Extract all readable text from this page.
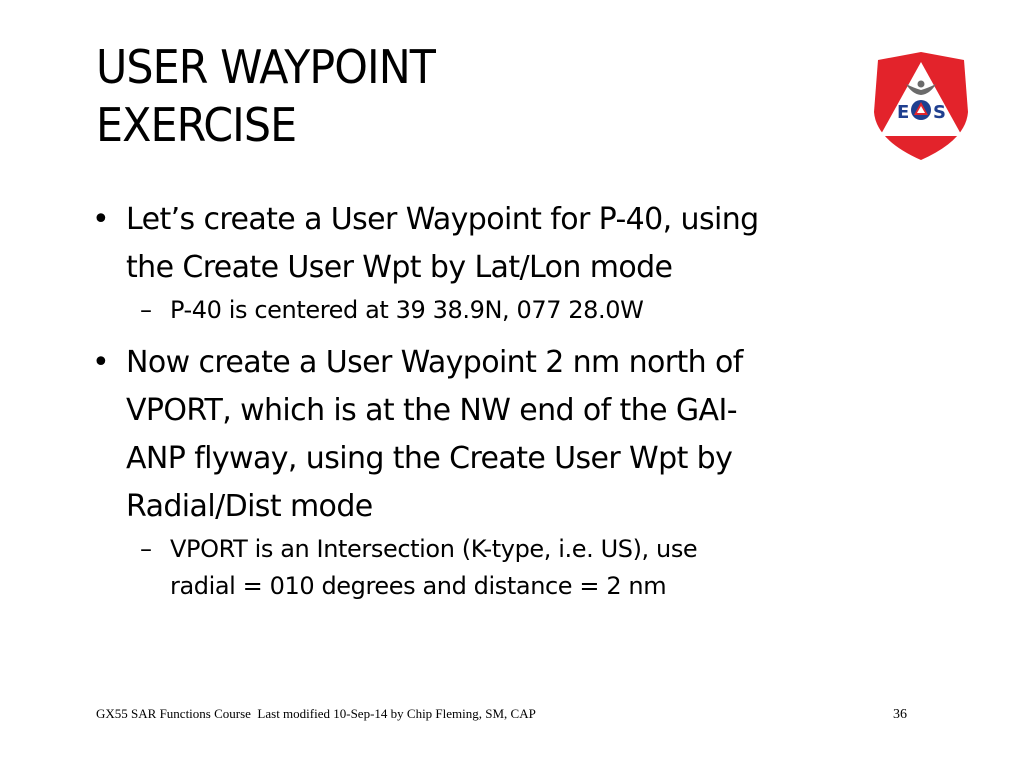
USER WAYPOINT
EXERCISE	E S
• Let’s create a User Waypoint for P-40, using
the Create User Wpt by Lat/Lon mode
– P-40 is centered at 39 38.9N, 077 28.0W
• Now create a User Waypoint 2 nm north of
VPORT, which is at the NW end of the GAI-
ANP flyway, using the Create User Wpt by
Radial/Dist mode
– VPORT is an Intersection (K-type, i.e. US), use
radial = 010 degrees and distance = 2 nm
GX55 SAR Functions Course  Last modified 10-Sep-14 by Chip Fleming, SM, CAP	36
